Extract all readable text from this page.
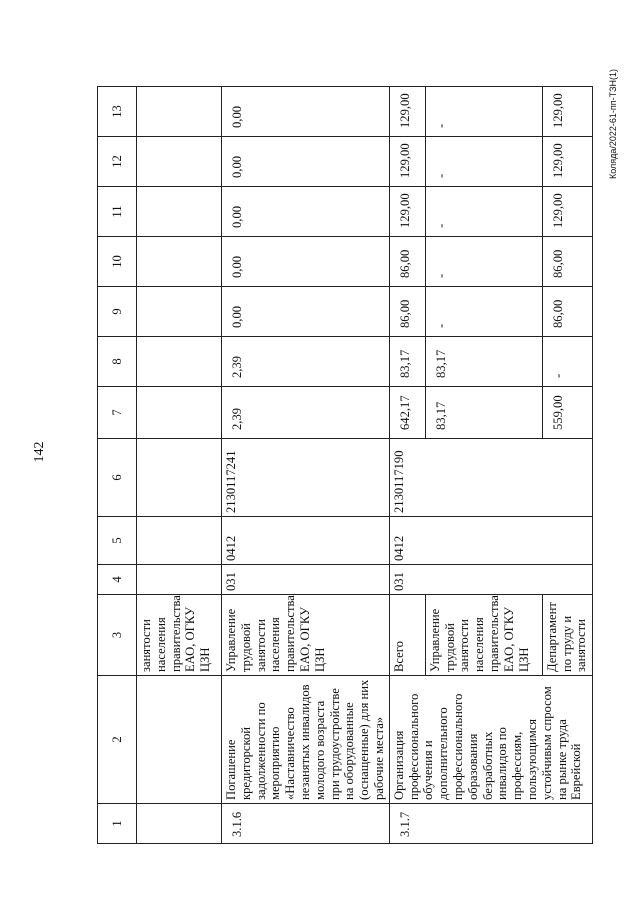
142
Колядa/2022-61-пп-ТЗН(1)
1	2	3	4	5	6	7	8	9	10	11	12	13
		занятости населения правительства ЕАО, ОГКУ ЦЗН										
3.1.6	Погашение кредиторской задолженности по мероприятию «Наставничество незанятых инвалидов молодого возраста при трудоустройстве на оборудованные (оснащенные) для них рабочие места»	Управление трудовой занятости населения правительства ЕАО, ОГКУ ЦЗН	031	0412	2130117241	2,39	2,39	0,00	0,00	0,00	0,00	0,00
3.1.7	Организация профессионального обучения и дополнительного профессионального образования безработных инвалидов по профессиям, пользующимся устойчивым спросом на рынке труда Еврейской	Всего	031	0412	2130117190	642,17	83,17	86,00	86,00	129,00	129,00	129,00
		Управление трудовой занятости населения правительства ЕАО, ОГКУ ЦЗН				83,17	83,17	-	-	-	-	-
		Департамент по труду и занятости				559,00	-	86,00	86,00	129,00	129,00	129,00
